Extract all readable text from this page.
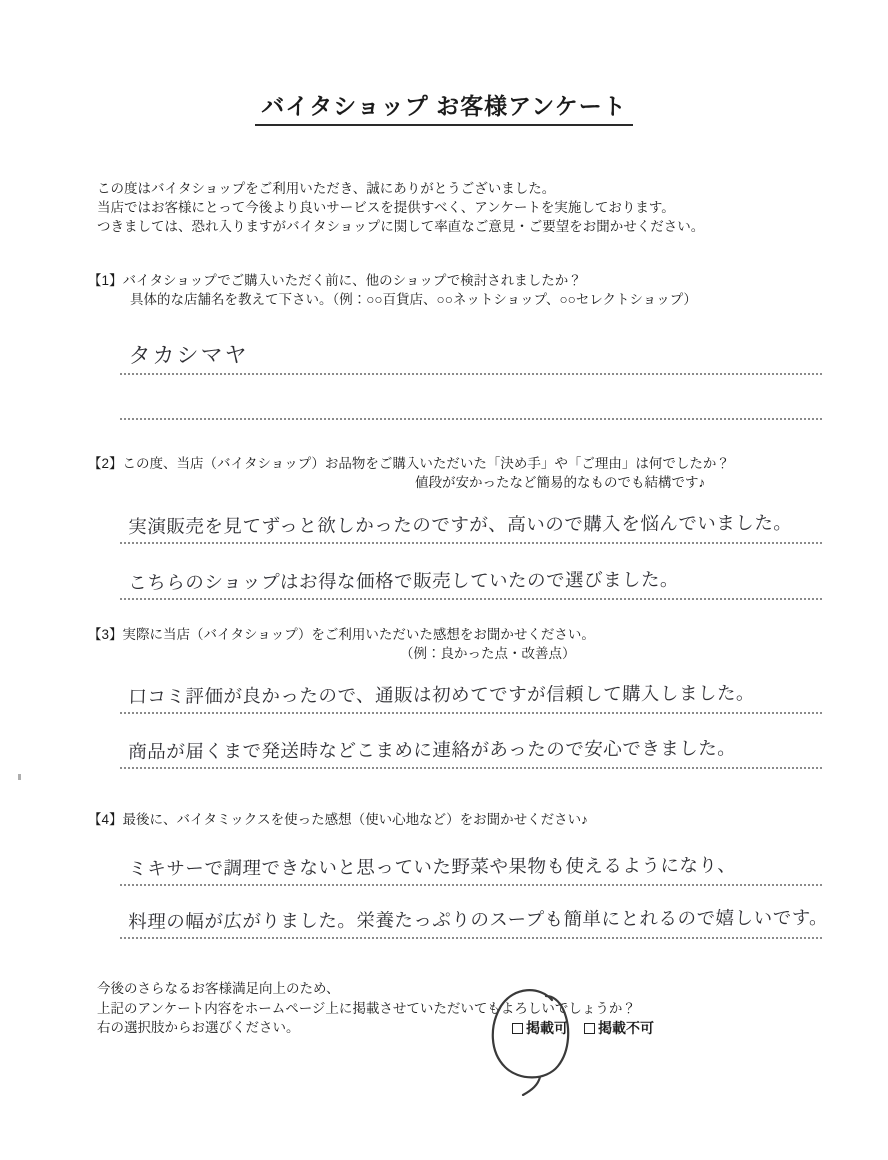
バイタショップ お客様アンケート
この度はバイタショップをご利用いただき、誠にありがとうございました。
当店ではお客様にとって今後より良いサービスを提供すべく、アンケートを実施しております。
つきましては、恐れ入りますがバイタショップに関して率直なご意見・ご要望をお聞かせください。
【1】バイタショップでご購入いただく前に、他のショップで検討されましたか？
具体的な店舗名を教えて下さい。（例：○○百貨店、○○ネットショップ、○○セレクトショップ）
タカシマヤ
【2】この度、当店（バイタショップ）お品物をご購入いただいた「決め手」や「ご理由」は何でしたか？
値段が安かったなど簡易的なものでも結構です♪
実演販売を見てずっと欲しかったのですが、高いので購入を悩んでいました。
こちらのショップはお得な価格で販売していたので選びました。
【3】実際に当店（バイタショップ）をご利用いただいた感想をお聞かせください。
（例：良かった点・改善点）
口コミ評価が良かったので、通販は初めてですが信頼して購入しました。
商品が届くまで発送時などこまめに連絡があったので安心できました。
【4】最後に、バイタミックスを使った感想（使い心地など）をお聞かせください♪
ミキサーで調理できないと思っていた野菜や果物も使えるようになり、
料理の幅が広がりました。栄養たっぷりのスープも簡単にとれるので嬉しいです。
今後のさらなるお客様満足向上のため、
上記のアンケート内容をホームページ上に掲載させていただいてもよろしいでしょうか？
右の選択肢からお選びください。	掲載可 掲載不可
